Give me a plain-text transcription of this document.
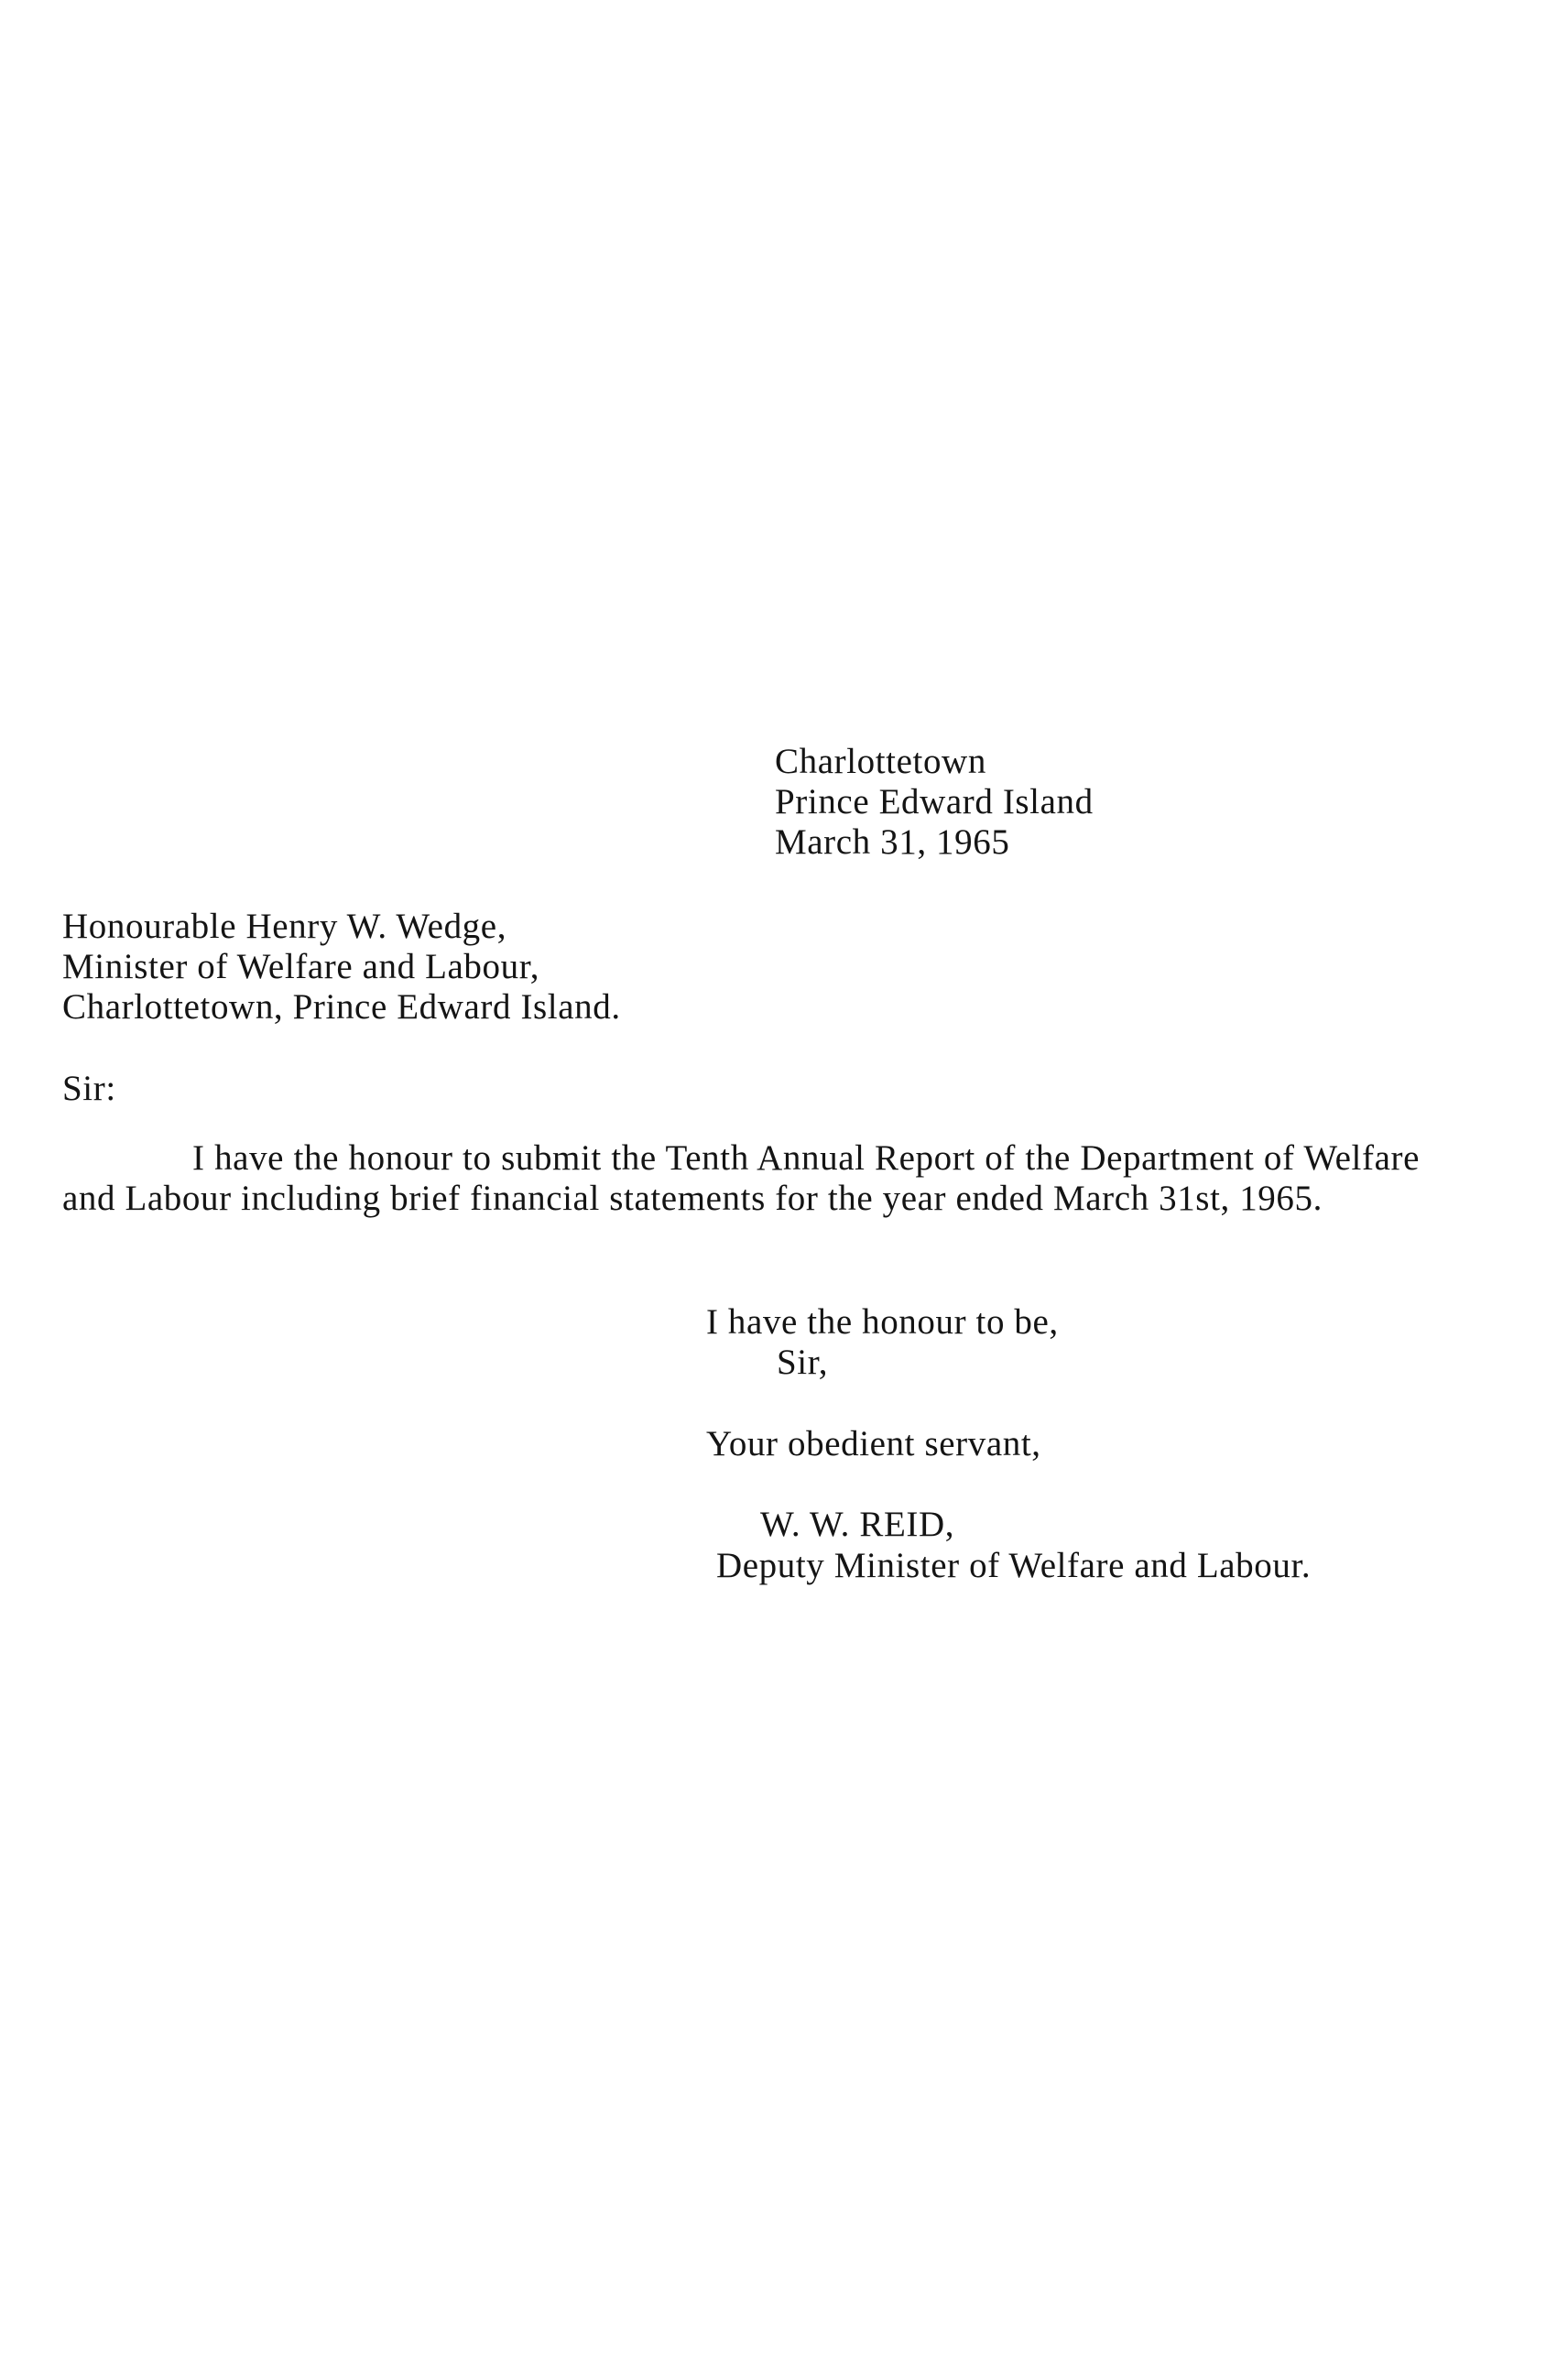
Charlottetown
Prince Edward Island
March 31, 1965
Honourable Henry W. Wedge,
Minister of Welfare and Labour,
Charlottetown, Prince Edward Island.
Sir:

I have the honour to submit the Tenth Annual Report of the Department of Welfare and Labour including brief financial statements for the year ended March 31st, 1965.

I have the honour to be,
Sir,
Your obedient servant,
W. W. REID,
Deputy Minister of Welfare and Labour.
